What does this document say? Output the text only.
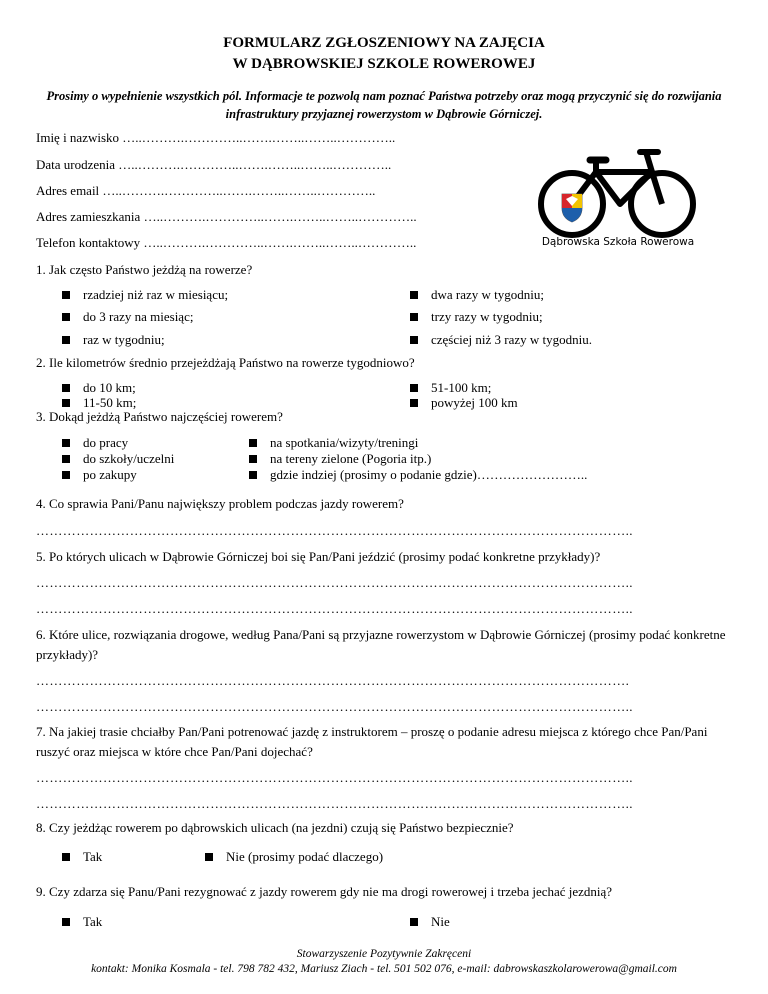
FORMULARZ ZGŁOSZENIOWY NA ZAJĘCIA
W DĄBROWSKIEJ SZKOLE ROWEROWEJ
Prosimy o wypełnienie wszystkich pól. Informacje te pozwolą nam poznać Państwa potrzeby oraz mogą przyczynić się do rozwijania infrastruktury przyjaznej rowerzystom w Dąbrowie Górniczej.
Imię i nazwisko …..……….…………..…….……..……..…………..
Data urodzenia …..……….…………..…….……..……..…………..
Adres email …..……….…………..…….……..……..…………..
Adres zamieszkania …..……….…………..…….……..……..…………..
Telefon kontaktowy …..……….…………..…….……..……..…………..	Dąbrowska Szkoła Rowerowa
1. Jak często Państwo jeżdżą na rowerze?
rzadziej niż raz w miesiącu;	dwa razy w tygodniu;
do 3 razy na miesiąc;	trzy razy w tygodniu;
raz w tygodniu;	częściej niż 3 razy w tygodniu.
2. Ile kilometrów średnio przejeżdżają Państwo na rowerze tygodniowo?
do 10 km;	51-100 km;
11-50 km;	powyżej 100 km
3. Dokąd jeżdżą Państwo najczęściej rowerem?
do pracy	na spotkania/wizyty/treningi
do szkoły/uczelni	na tereny zielone (Pogoria itp.)
po zakupy	gdzie indziej (prosimy o podanie gdzie)……………………..
4. Co sprawia Pani/Panu największy problem podczas jazdy rowerem?
……………………………………………………………………………………………………………………..
5. Po których ulicach w Dąbrowie Górniczej boi się Pan/Pani jeździć (prosimy podać konkretne przykłady)?
……………………………………………………………………………………………………………………..
……………………………………………………………………………………………………………………..
6. Które ulice, rozwiązania drogowe, według Pana/Pani są przyjazne rowerzystom w Dąbrowie Górniczej (prosimy podać konkretne przykłady)?
…………………………………………………………………………………………………………………….
……………………………………………………………………………………………………………………..
7. Na jakiej trasie chciałby Pan/Pani potrenować jazdę z instruktorem – proszę o podanie adresu miejsca z którego chce Pan/Pani ruszyć oraz miejsca w które chce Pan/Pani dojechać?
……………………………………………………………………………………………………………………..
……………………………………………………………………………………………………………………..
8. Czy jeżdżąc rowerem po dąbrowskich ulicach (na jezdni) czują się Państwo bezpiecznie?
Tak	Nie (prosimy podać dlaczego)
9. Czy zdarza się Panu/Pani rezygnować z jazdy rowerem gdy nie ma drogi rowerowej i trzeba jechać jezdnią?
Tak	Nie
Stowarzyszenie Pozytywnie Zakręceni
kontakt: Monika Kosmala - tel. 798 782 432, Mariusz Ziach - tel. 501 502 076, e-mail: dabrowskaszkolarowerowa@gmail.com
